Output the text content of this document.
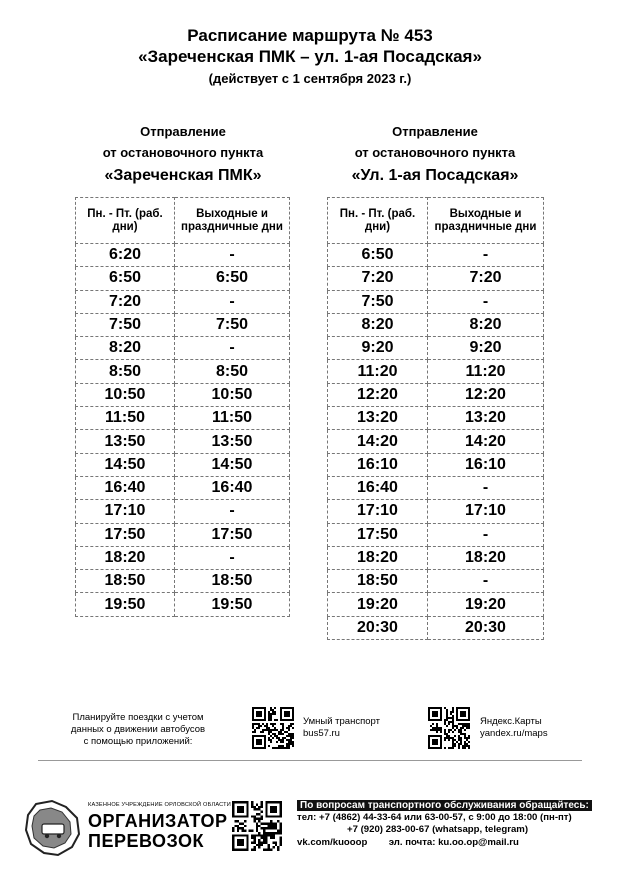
Расписание маршрута № 453
«Зареченская ПМК – ул. 1-ая Посадская»
(действует с 1 сентября 2023 г.)
Отправление
от остановочного пункта
«Зареченская ПМК»
Отправление
от остановочного пункта
«Ул. 1-ая Посадская»
Пн. - Пт. (раб. дни)	Выходные и праздничные дни
6:20	-
6:50	6:50
7:20	-
7:50	7:50
8:20	-
8:50	8:50
10:50	10:50
11:50	11:50
13:50	13:50
14:50	14:50
16:40	16:40
17:10	-
17:50	17:50
18:20	-
18:50	18:50
19:50	19:50
Пн. - Пт. (раб. дни)	Выходные и праздничные дни
6:50	-
7:20	7:20
7:50	-
8:20	8:20
9:20	9:20
11:20	11:20
12:20	12:20
13:20	13:20
14:20	14:20
16:10	16:10
16:40	-
17:10	17:10
17:50	-
18:20	18:20
18:50	-
19:20	19:20
20:30	20:30
Планируйте поездки с учетом
данных о движении автобусов
с помощью приложений:
Умный транспорт
bus57.ru
Яндекс.Карты
yandex.ru/maps
КАЗЕННОЕ УЧРЕЖДЕНИЕ ОРЛОВСКОЙ ОБЛАСТИ
ОРГАНИЗАТОР
ПЕРЕВОЗОК
По вопросам транспортного обслуживания обращайтесь:
тел: +7 (4862) 44-33-64 или 63-00-57, с 9:00 до 18:00 (пн-пт)
+7 (920) 283-00-67 (whatsapp, telegram)
vk.com/kuooop эл. почта: ku.oo.op@mail.ru
